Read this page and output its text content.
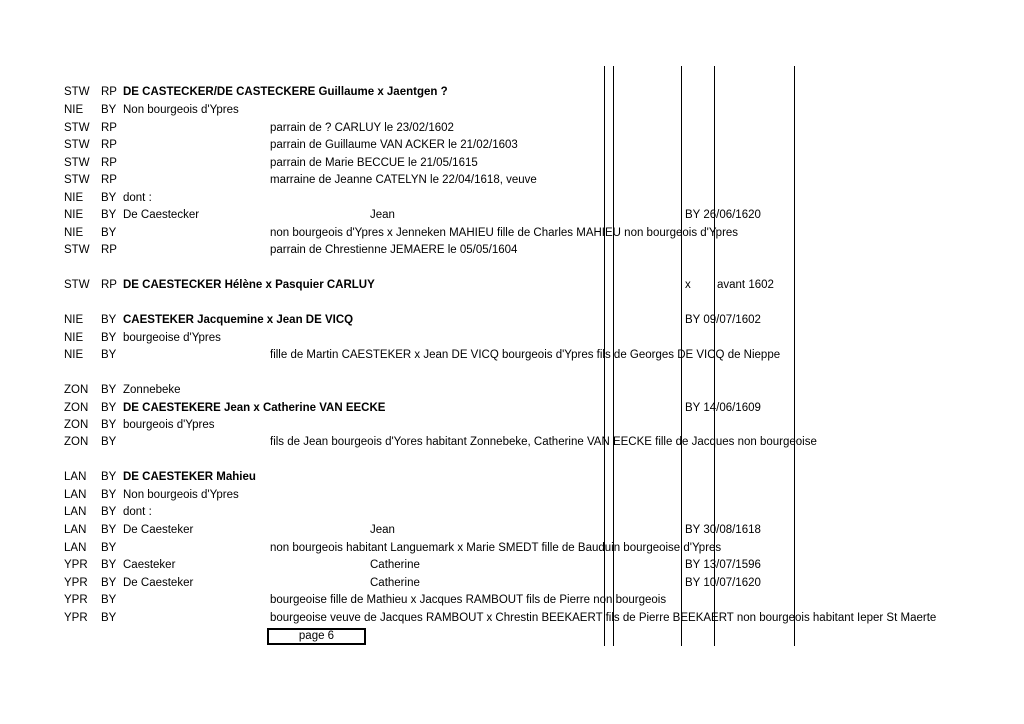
STW RP DE CASTECKER/DE CASTECKERE Guillaume x Jaentgen ?
NIE BY Non bourgeois d'Ypres
STW RP	parrain de ? CARLUY le 23/02/1602
STW RP	parrain de Guillaume VAN ACKER le 21/02/1603
STW RP	parrain de Marie BECCUE le 21/05/1615
STW RP	marraine de Jeanne CATELYN le 22/04/1618, veuve
NIE BY dont :
NIE BY De Caestecker	Jean	BY 26/06/1620
NIE BY	non bourgeois d'Ypres x Jenneken MAHIEU fille de Charles MAHIEU non bourgeois d'Ypres
STW RP	parrain de Chrestienne JEMAERE le 05/05/1604
STW RP DE CAESTECKER Hélène x Pasquier CARLUY	x avant 1602
NIE BY CAESTEKER Jacquemine x Jean DE VICQ	BY 09/07/1602
NIE BY bourgeoise d'Ypres
NIE BY	fille de Martin CAESTEKER x Jean DE VICQ bourgeois d'Ypres fils de Georges DE VICQ de Nieppe
ZON BY Zonnebeke
ZON BY DE CAESTEKERE Jean x Catherine VAN EECKE	BY 14/06/1609
ZON BY bourgeois d'Ypres
ZON BY	fils de Jean bourgeois d'Yores habitant Zonnebeke, Catherine VAN EECKE fille de Jacques non bourgeoise
LAN BY DE CAESTEKER Mahieu
LAN BY Non bourgeois d'Ypres
LAN BY dont :
LAN BY De Caesteker	Jean	BY 30/08/1618
LAN BY	non bourgeois habitant Languemark x Marie SMEDT fille de Bauduin bourgeoise d'Ypres
YPR BY Caesteker	Catherine	BY 13/07/1596
YPR BY De Caesteker	Catherine	BY 10/07/1620
YPR BY	bourgeoise fille de Mathieu x Jacques RAMBOUT fils de Pierre non bourgeois
YPR BY	bourgeoise veuve de Jacques RAMBOUT x Chrestin BEEKAERT fils de Pierre BEEKAERT non bourgeois habitant Ieper St Maerte
page 6
